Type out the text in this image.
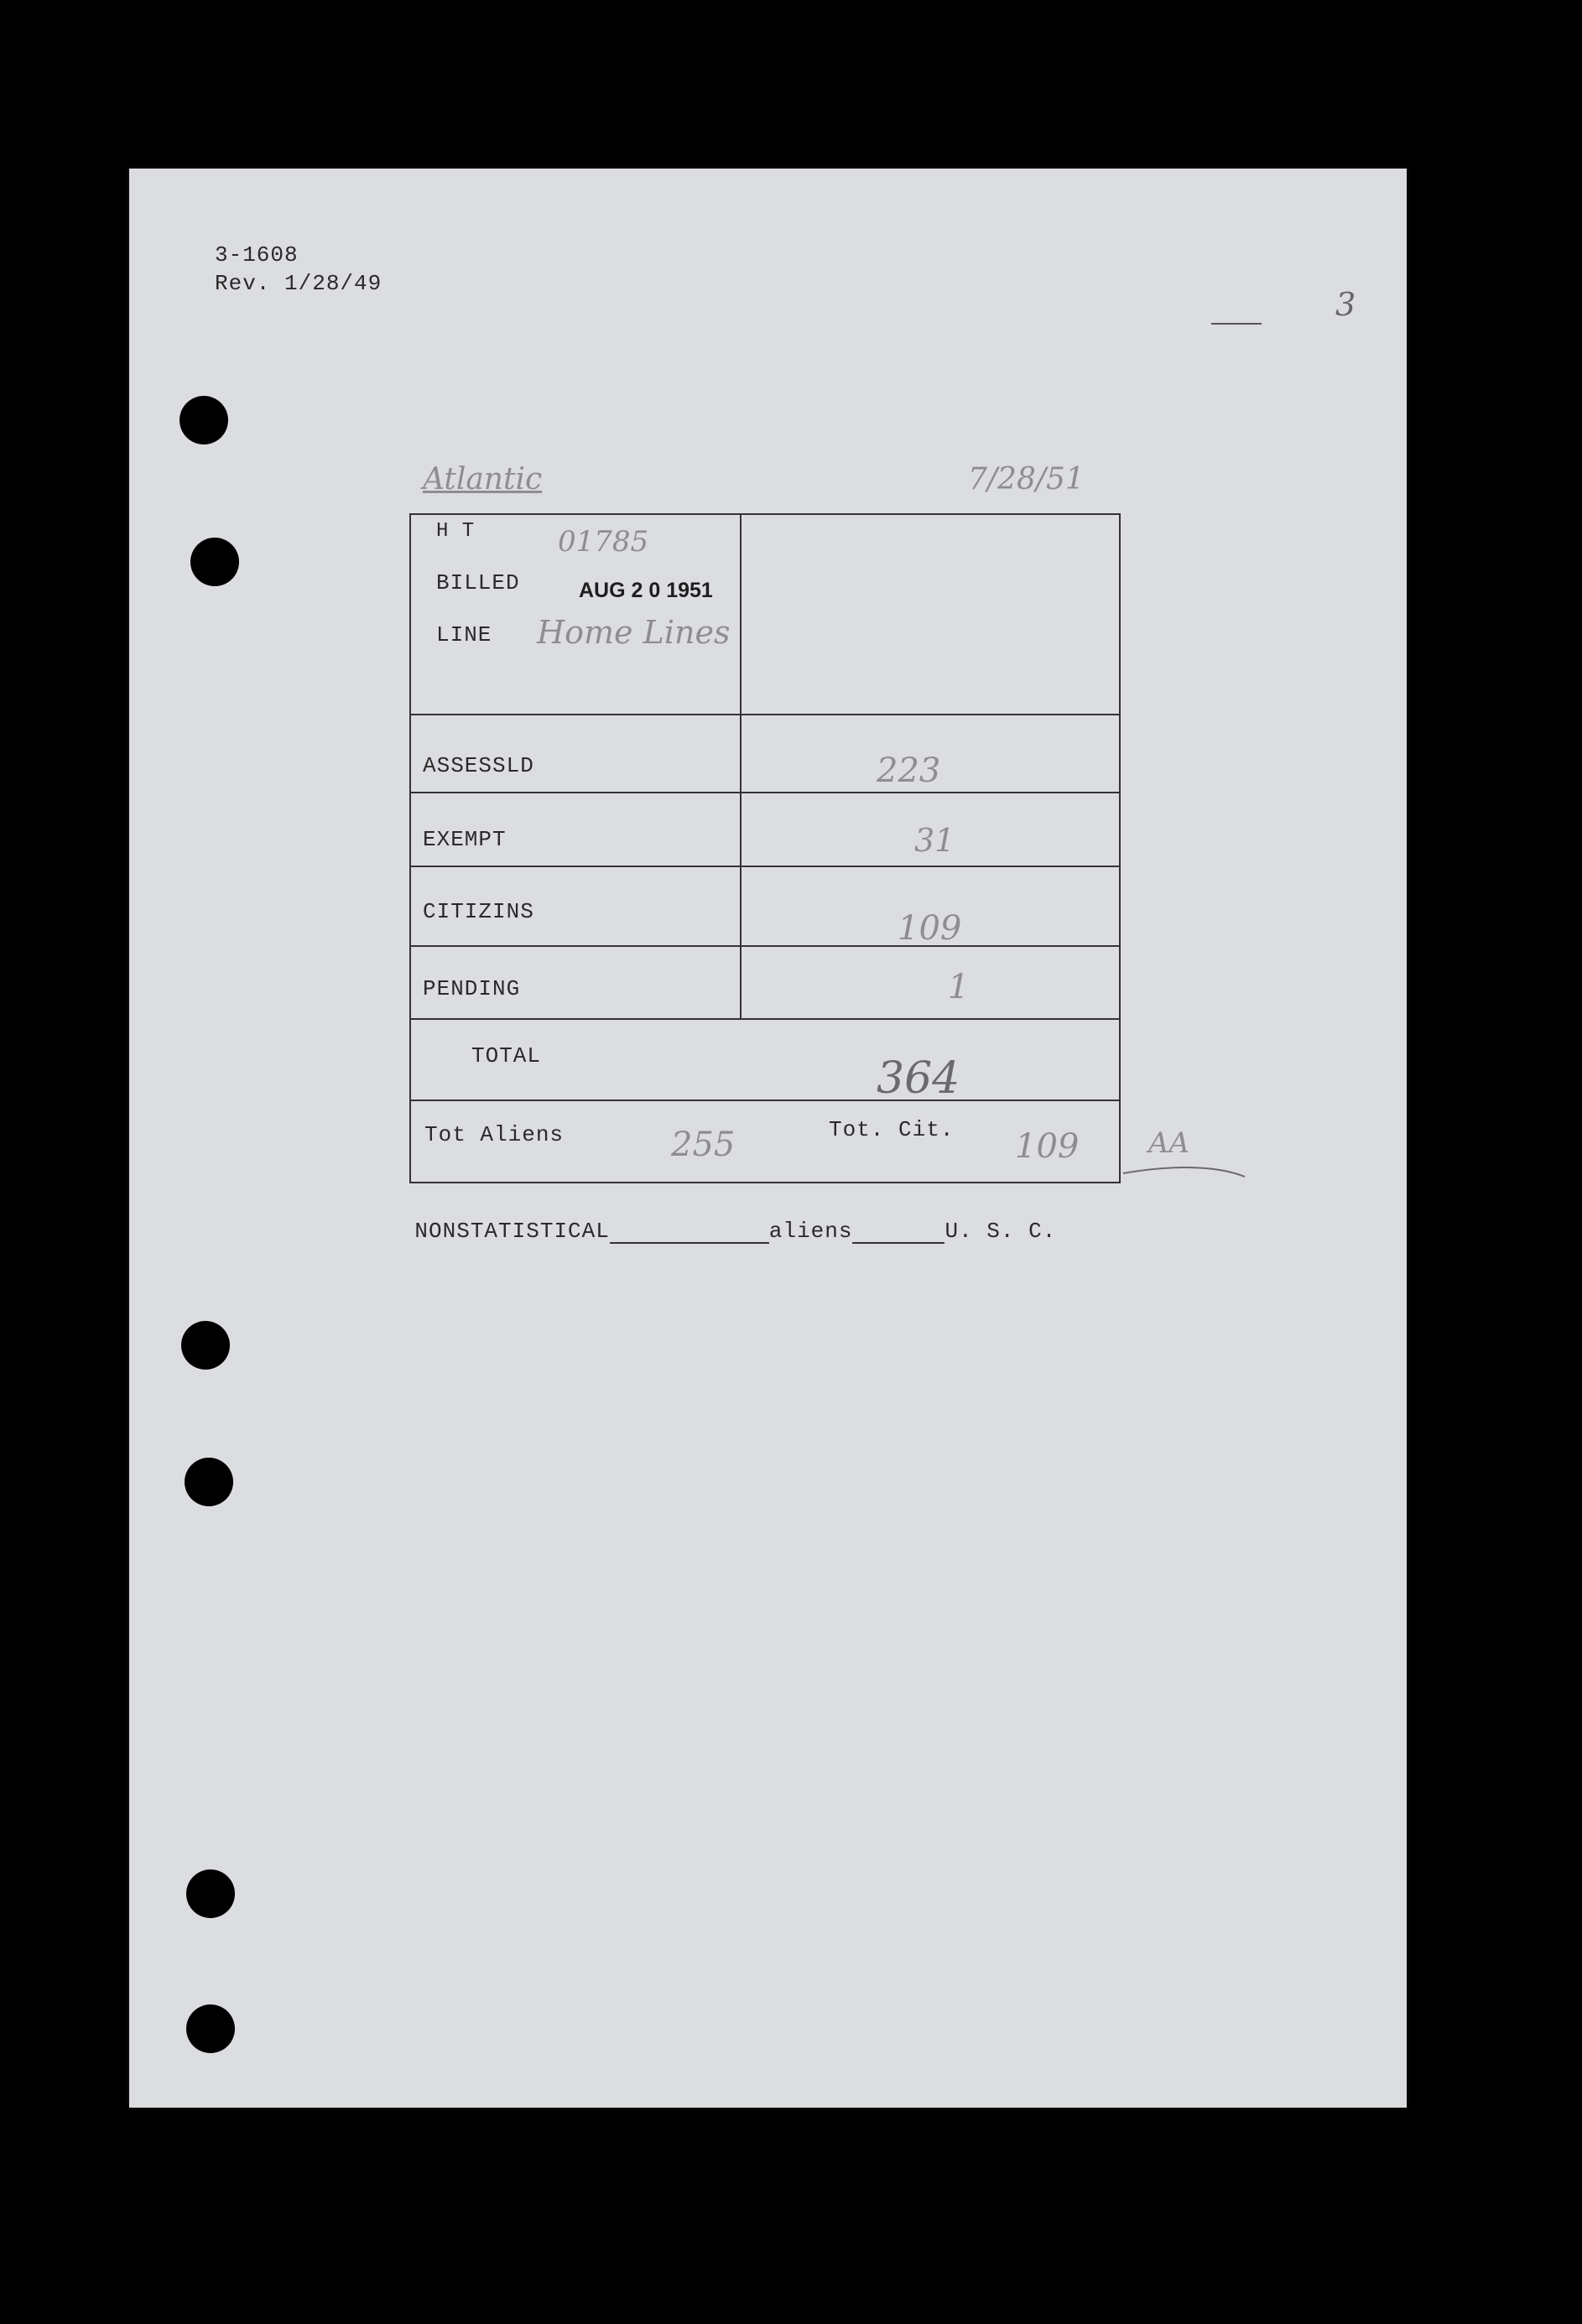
3-1608
Rev. 1/28/49
3
Atlantic	7/28/51
H T	01785
BILLED	AUG 2 0 1951
LINE Home Lines
ASSESSLD	223
EXEMPT	31
CITIZINS	109
PENDING	1
TOTAL	364
Tot Aliens	255	Tot. Cit. 109 AA

NONSTATISTICAL	aliens	U. S. C.
